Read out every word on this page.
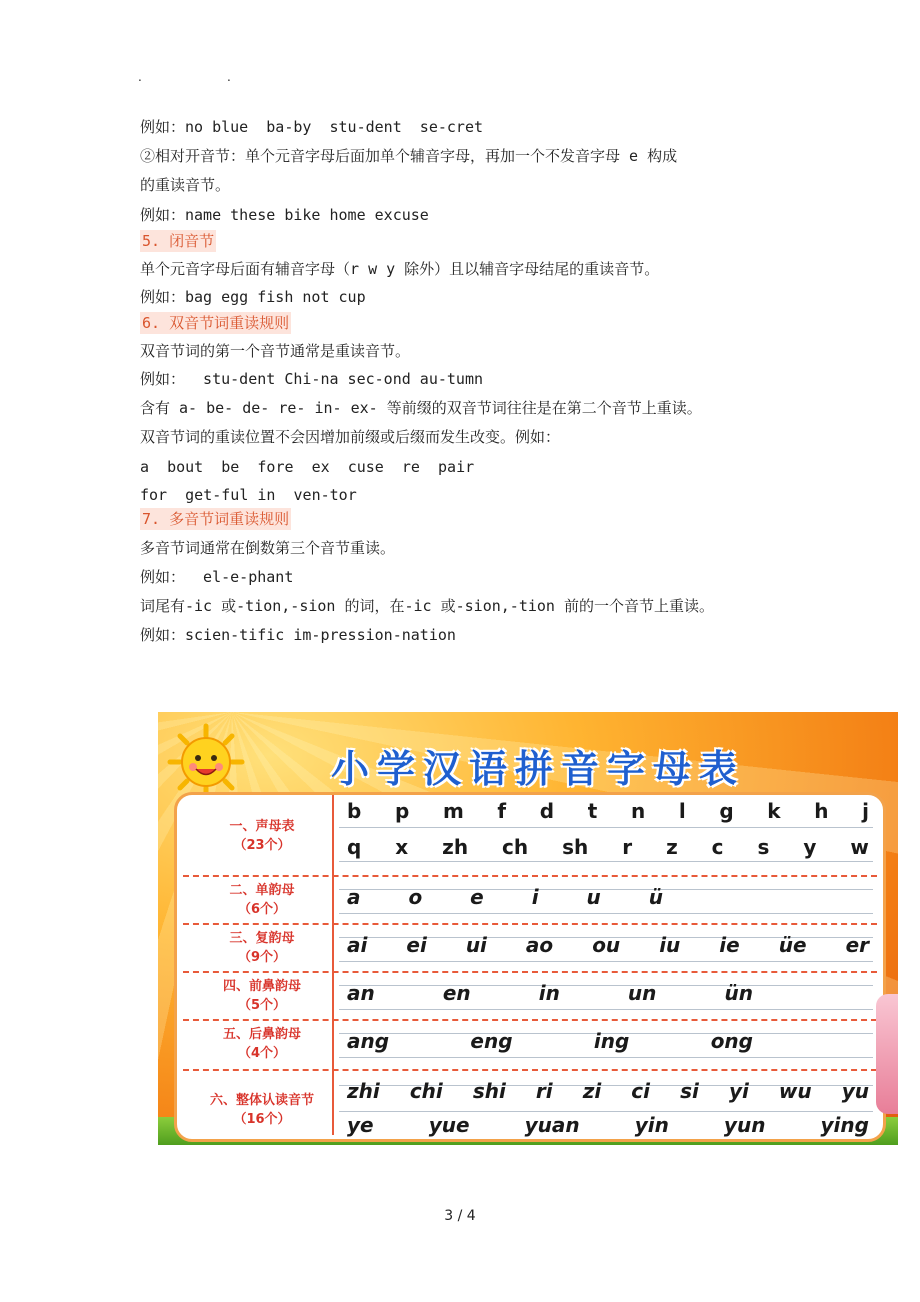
.	.
例如：no blue  ba-by  stu-dent  se-cret
②相对开音节：单个元音字母后面加单个辅音字母，再加一个不发音字母 e 构成
的重读音节。
例如：name these bike home excuse
5. 闭音节
单个元音字母后面有辅音字母（r w y 除外）且以辅音字母结尾的重读音节。
例如：bag egg fish not cup
6. 双音节词重读规则
双音节词的第一个音节通常是重读音节。
例如：  stu-dent Chi-na sec-ond au-tumn
含有 a- be- de- re- in- ex- 等前缀的双音节词往往是在第二个音节上重读。
双音节词的重读位置不会因增加前缀或后缀而发生改变。例如：
a  bout  be  fore  ex  cuse  re  pair
for  get-ful in  ven-tor
7. 多音节词重读规则
多音节词通常在倒数第三个音节重读。
例如：  el-e-phant
词尾有-ic 或-tion,-sion 的词，在-ic 或-sion,-tion 前的一个音节上重读。
例如：scien-tific im-pression-nation
小学汉语拼音字母表
一、声母表
（23个）
b p m f d t n l g k h j
q x zh ch sh r z c s y w
二、单韵母
（6个）
a o e i u ü
三、复韵母
（9个）
ai ei ui ao ou iu ie üe er
四、前鼻韵母
（5个）
an	en	in	un	ün
五、后鼻韵母
（4个）
ang	eng	ing	ong
六、整体认读音节
（16个）
zhi chi shi ri zi ci si yi wu yu
ye	yue	yuan	yin	yun	ying
3 / 4
